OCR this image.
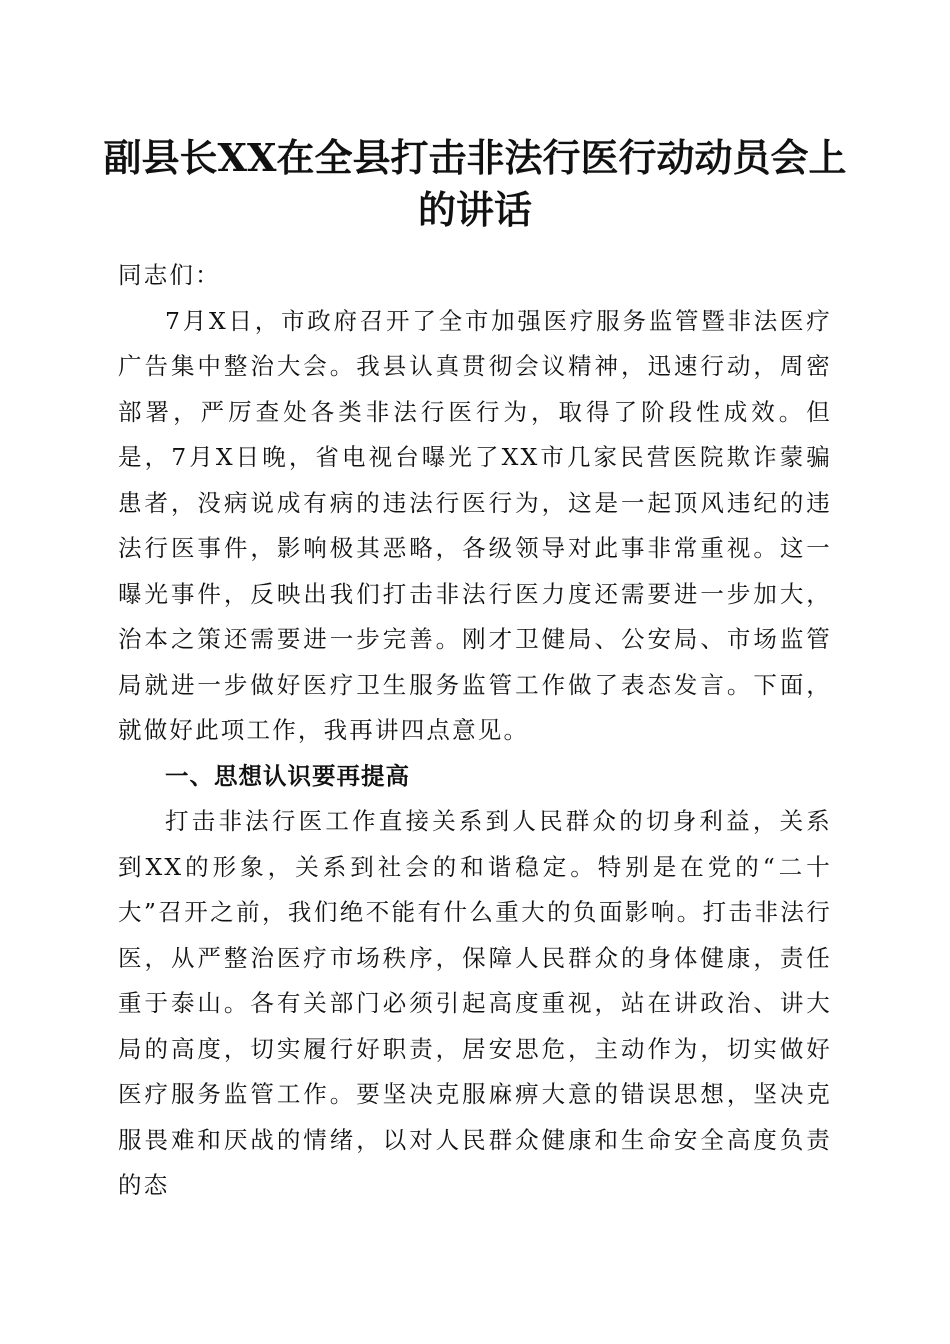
副县长XX在全县打击非法行医行动动员会上的讲话

同志们：

7月X日，市政府召开了全市加强医疗服务监管暨非法医疗广告集中整治大会。我县认真贯彻会议精神，迅速行动，周密部署，严厉查处各类非法行医行为，取得了阶段性成效。但是，7月X日晚，省电视台曝光了XX市几家民营医院欺诈蒙骗患者，没病说成有病的违法行医行为，这是一起顶风违纪的违法行医事件，影响极其恶略，各级领导对此事非常重视。这一曝光事件，反映出我们打击非法行医力度还需要进一步加大，治本之策还需要进一步完善。刚才卫健局、公安局、市场监管局就进一步做好医疗卫生服务监管工作做了表态发言。下面，就做好此项工作，我再讲四点意见。

一、思想认识要再提高

打击非法行医工作直接关系到人民群众的切身利益，关系到XX的形象，关系到社会的和谐稳定。特别是在党的“二十大”召开之前，我们绝不能有什么重大的负面影响。打击非法行医，从严整治医疗市场秩序，保障人民群众的身体健康，责任重于泰山。各有关部门必须引起高度重视，站在讲政治、讲大局的高度，切实履行好职责，居安思危，主动作为，切实做好医疗服务监管工作。要坚决克服麻痹大意的错误思想，坚决克服畏难和厌战的情绪，以对人民群众健康和生命安全高度负责的态
